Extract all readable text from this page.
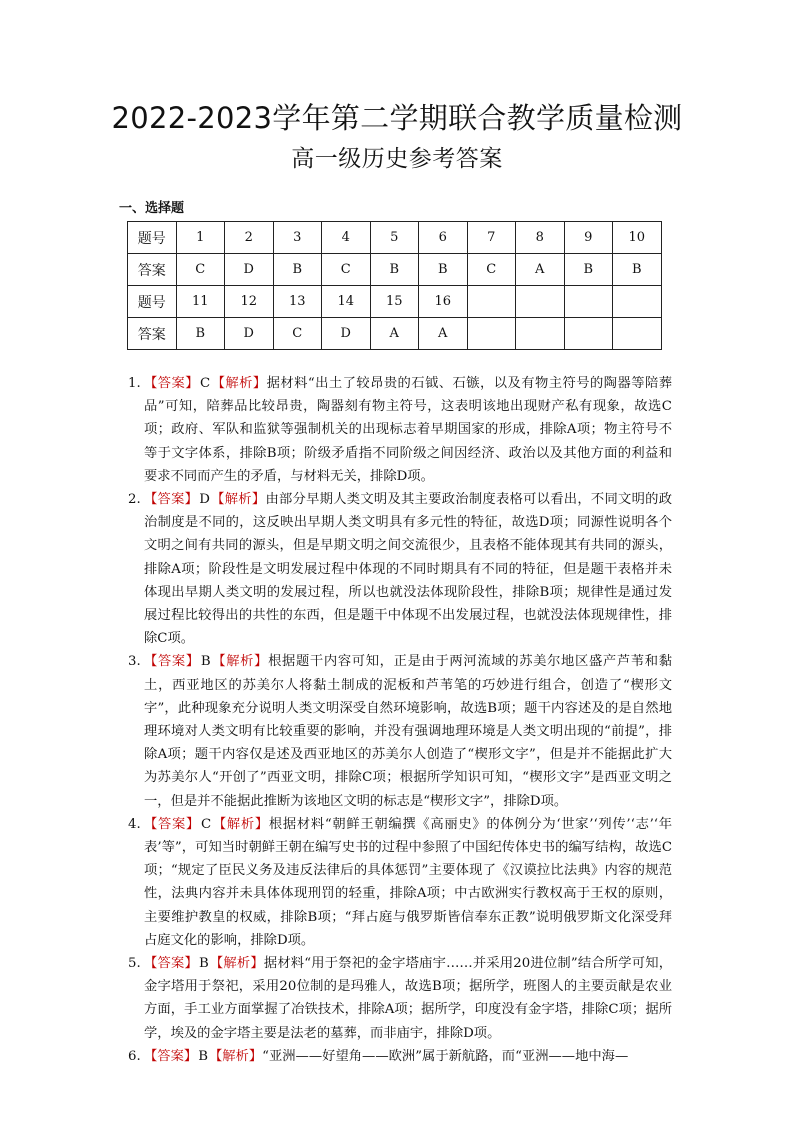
2022-2023学年第二学期联合教学质量检测
高一级历史参考答案
一、选择题
题号	1	2	3	4	5	6	7	8	9	10
答案	C	D	B	C	B	B	C	A	B	B
题号	11	12	13	14	15	16				
答案	B	D	C	D	A	A				
1. 【答案】C【解析】据材料“出土了较昂贵的石钺、石镞，以及有物主符号的陶器等陪葬品”可知，陪葬品比较昂贵，陶器刻有物主符号，这表明该地出现财产私有现象，故选C项；政府、军队和监狱等强制机关的出现标志着早期国家的形成，排除A项；物主符号不等于文字体系，排除B项；阶级矛盾指不同阶级之间因经济、政治以及其他方面的利益和要求不同而产生的矛盾，与材料无关，排除D项。
2. 【答案】D【解析】由部分早期人类文明及其主要政治制度表格可以看出，不同文明的政治制度是不同的，这反映出早期人类文明具有多元性的特征，故选D项；同源性说明各个文明之间有共同的源头，但是早期文明之间交流很少，且表格不能体现其有共同的源头，排除A项；阶段性是文明发展过程中体现的不同时期具有不同的特征，但是题干表格并未体现出早期人类文明的发展过程，所以也就没法体现阶段性，排除B项；规律性是通过发展过程比较得出的共性的东西，但是题干中体现不出发展过程，也就没法体现规律性，排除C项。
3. 【答案】B【解析】根据题干内容可知，正是由于两河流域的苏美尔地区盛产芦苇和黏土，西亚地区的苏美尔人将黏土制成的泥板和芦苇笔的巧妙进行组合，创造了“楔形文字”，此种现象充分说明人类文明深受自然环境影响，故选B项；题干内容述及的是自然地理环境对人类文明有比较重要的影响，并没有强调地理环境是人类文明出现的“前提”，排除A项；题干内容仅是述及西亚地区的苏美尔人创造了“楔形文字”，但是并不能据此扩大为苏美尔人“开创了”西亚文明，排除C项；根据所学知识可知，“楔形文字”是西亚文明之一，但是并不能据此推断为该地区文明的标志是“楔形文字”，排除D项。
4. 【答案】C【解析】根据材料“朝鲜王朝编撰《高丽史》的体例分为‘世家’‘列传’‘志’‘年表’等”，可知当时朝鲜王朝在编写史书的过程中参照了中国纪传体史书的编写结构，故选C项；“规定了臣民义务及违反法律后的具体惩罚”主要体现了《汉谟拉比法典》内容的规范性，法典内容并未具体体现刑罚的轻重，排除A项；中古欧洲实行教权高于王权的原则，主要维护教皇的权威，排除B项；“拜占庭与俄罗斯皆信奉东正教”说明俄罗斯文化深受拜占庭文化的影响，排除D项。
5. 【答案】B【解析】据材料“用于祭祀的金字塔庙宇……并采用20进位制”结合所学可知，金字塔用于祭祀，采用20位制的是玛雅人，故选B项；据所学，班图人的主要贡献是农业方面，手工业方面掌握了冶铁技术，排除A项；据所学，印度没有金字塔，排除C项；据所学，埃及的金字塔主要是法老的墓葬，而非庙宇，排除D项。
6. 【答案】B【解析】“亚洲——好望角——欧洲”属于新航路，而“亚洲——地中海—
